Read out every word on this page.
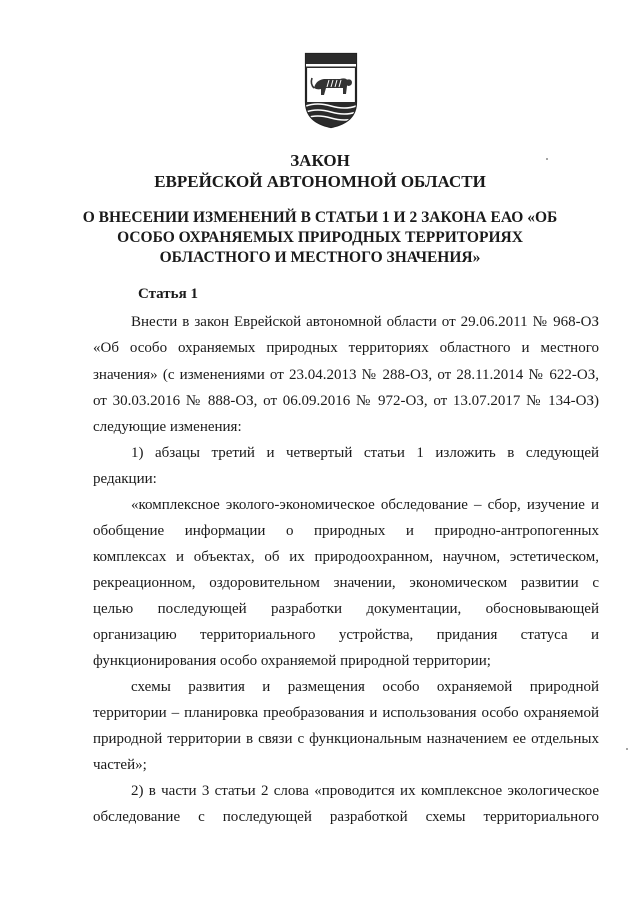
ЗАКОН
ЕВРЕЙСКОЙ АВТОНОМНОЙ ОБЛАСТИ
О ВНЕСЕНИИ ИЗМЕНЕНИЙ В СТАТЬИ 1 И 2 ЗАКОНА ЕАО «ОБ
ОСОБО ОХРАНЯЕМЫХ ПРИРОДНЫХ ТЕРРИТОРИЯХ
ОБЛАСТНОГО И МЕСТНОГО ЗНАЧЕНИЯ»
Статья 1
Внести в закон Еврейской автономной области от 29.06.2011 № 968-ОЗ
«Об особо охраняемых природных территориях областного и местного
значения» (с изменениями от 23.04.2013 № 288-ОЗ, от 28.11.2014 № 622-ОЗ,
от 30.03.2016 № 888-ОЗ, от 06.09.2016 № 972-ОЗ, от 13.07.2017 № 134-ОЗ)
следующие изменения:
1) абзацы третий и четвертый статьи 1 изложить в следующей
редакции:
«комплексное эколого-экономическое обследование – сбор, изучение и
обобщение информации о природных и природно-антропогенных
комплексах и объектах, об их природоохранном, научном, эстетическом,
рекреационном, оздоровительном значении, экономическом развитии с
целью последующей разработки документации, обосновывающей
организацию территориального устройства, придания статуса и
функционирования особо охраняемой природной территории;
схемы развития и размещения особо охраняемой природной
территории – планировка преобразования и использования особо охраняемой
природной территории в связи с функциональным назначением ее отдельных
частей»;
2) в части 3 статьи 2 слова «проводится их комплексное экологическое
обследование с последующей разработкой схемы территориального
